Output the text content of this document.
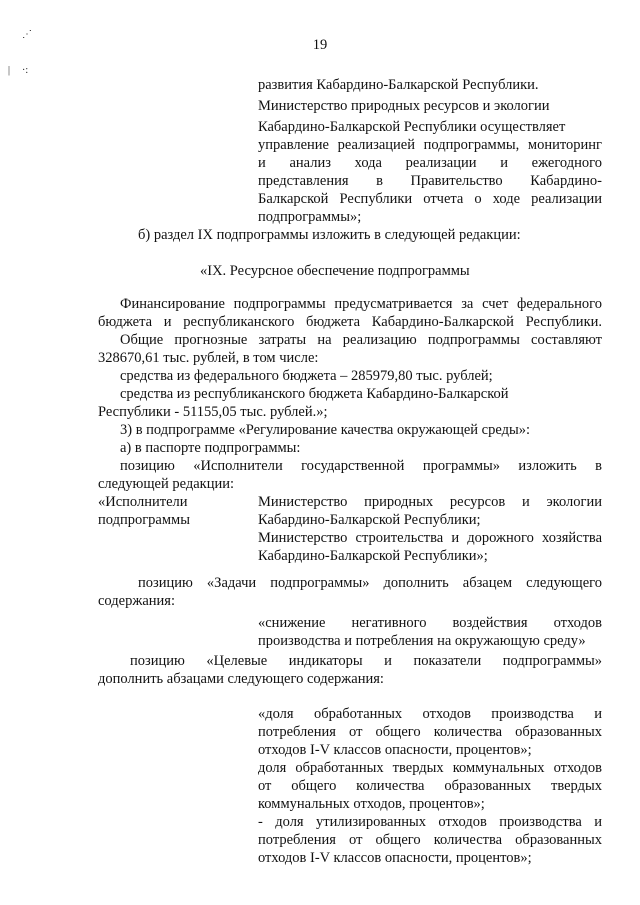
⋰
| ·:
19
развития Кабардино-Балкарской Республики.
Министерство природных ресурсов и экологии
Кабардино-Балкарской Республики осуществляет
управление реализацией подпрограммы, мониторинг
и анализ хода реализации и ежегодного
представления в Правительство Кабардино-
Балкарской Республики отчета о ходе реализации
подпрограммы»;
б) раздел IX подпрограммы изложить в следующей редакции:
«IX. Ресурсное обеспечение подпрограммы
Финансирование подпрограммы предусматривается за счет федерального
бюджета и республиканского бюджета Кабардино-Балкарской Республики.
Общие прогнозные затраты на реализацию подпрограммы составляют
328670,61 тыс. рублей, в том числе:
средства из федерального бюджета – 285979,80 тыс. рублей;
средства из республиканского бюджета Кабардино-Балкарской
Республики - 51155,05 тыс. рублей.»;
3) в подпрограмме «Регулирование качества окружающей среды»:
а) в паспорте подпрограммы:
позицию «Исполнители государственной программы» изложить в
следующей редакции:
«Исполнители
подпрограммы
Министерство природных ресурсов и экологии
Кабардино-Балкарской Республики;
Министерство строительства и дорожного хозяйства
Кабардино-Балкарской Республики»;
позицию «Задачи подпрограммы» дополнить абзацем следующего
содержания:
«снижение негативного воздействия отходов
производства и потребления на окружающую среду»
позицию «Целевые индикаторы и показатели подпрограммы»
дополнить абзацами следующего содержания:
«доля обработанных отходов производства и
потребления от общего количества образованных
отходов I-V классов опасности, процентов»;
доля обработанных твердых коммунальных отходов
от общего количества образованных твердых
коммунальных отходов, процентов»;
- доля утилизированных отходов производства и
потребления от общего количества образованных
отходов I-V классов опасности, процентов»;
